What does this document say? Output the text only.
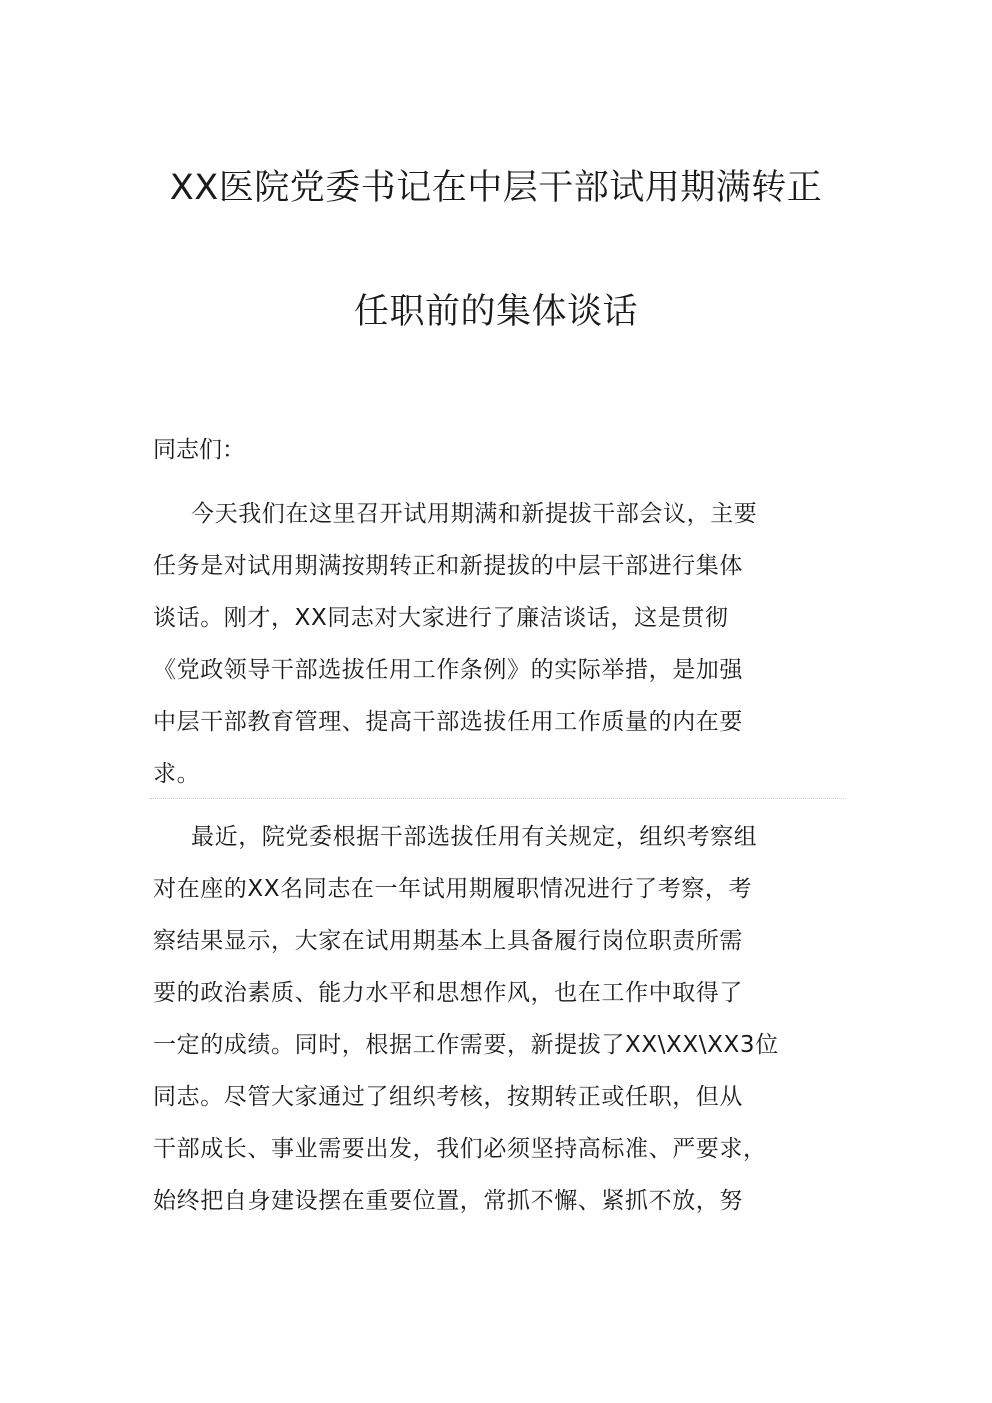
XX医院党委书记在中层干部试用期满转正
任职前的集体谈话
同志们：
今天我们在这里召开试用期满和新提拔干部会议，主要
任务是对试用期满按期转正和新提拔的中层干部进行集体
谈话。刚才，XX同志对大家进行了廉洁谈话，这是贯彻
《党政领导干部选拔任用工作条例》的实际举措，是加强
中层干部教育管理、提高干部选拔任用工作质量的内在要
求。
最近，院党委根据干部选拔任用有关规定，组织考察组
对在座的XX名同志在一年试用期履职情况进行了考察，考
察结果显示，大家在试用期基本上具备履行岗位职责所需
要的政治素质、能力水平和思想作风，也在工作中取得了
一定的成绩。同时，根据工作需要，新提拔了XX\XX\XX3位
同志。尽管大家通过了组织考核，按期转正或任职，但从
干部成长、事业需要出发，我们必须坚持高标准、严要求，
始终把自身建设摆在重要位置，常抓不懈、紧抓不放，努
